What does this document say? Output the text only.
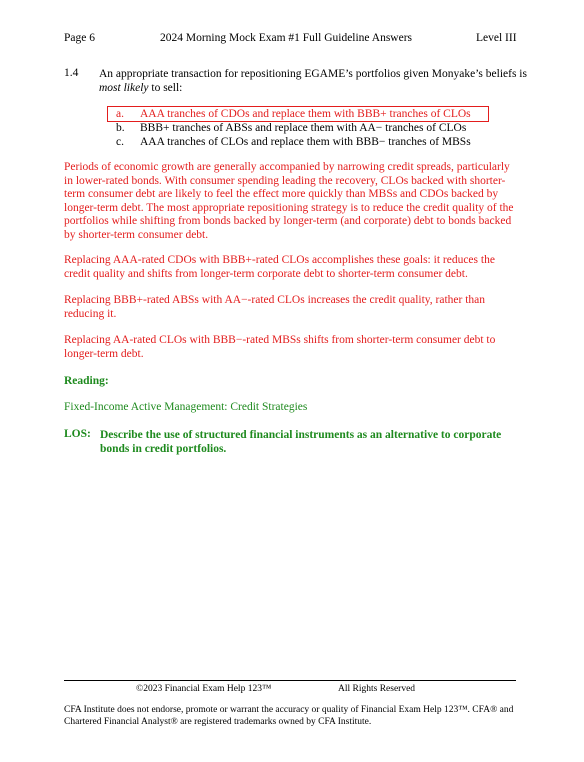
Page 6	2024 Morning Mock Exam #1 Full Guideline Answers	Level III
1.4 An appropriate transaction for repositioning EGAME’s portfolios given Monyake’s beliefs is most likely to sell:
a. AAA tranches of CDOs and replace them with BBB+ tranches of CLOs
b. BBB+ tranches of ABSs and replace them with AA− tranches of CLOs
c. AAA tranches of CLOs and replace them with BBB− tranches of MBSs
Periods of economic growth are generally accompanied by narrowing credit spreads, particularly in lower-rated bonds. With consumer spending leading the recovery, CLOs backed with shorter-term consumer debt are likely to feel the effect more quickly than MBSs and CDOs backed by longer-term debt. The most appropriate repositioning strategy is to reduce the credit quality of the portfolios while shifting from bonds backed by longer-term (and corporate) debt to bonds backed by shorter-term consumer debt.
Replacing AAA-rated CDOs with BBB+-rated CLOs accomplishes these goals: it reduces the credit quality and shifts from longer-term corporate debt to shorter-term consumer debt.
Replacing BBB+-rated ABSs with AA−-rated CLOs increases the credit quality, rather than reducing it.
Replacing AA-rated CLOs with BBB−-rated MBSs shifts from shorter-term consumer debt to longer-term debt.
Reading:
Fixed-Income Active Management: Credit Strategies
LOS: Describe the use of structured financial instruments as an alternative to corporate bonds in credit portfolios.
©2023 Financial Exam Help 123™	All Rights Reserved
CFA Institute does not endorse, promote or warrant the accuracy or quality of Financial Exam Help 123™. CFA® and Chartered Financial Analyst® are registered trademarks owned by CFA Institute.
